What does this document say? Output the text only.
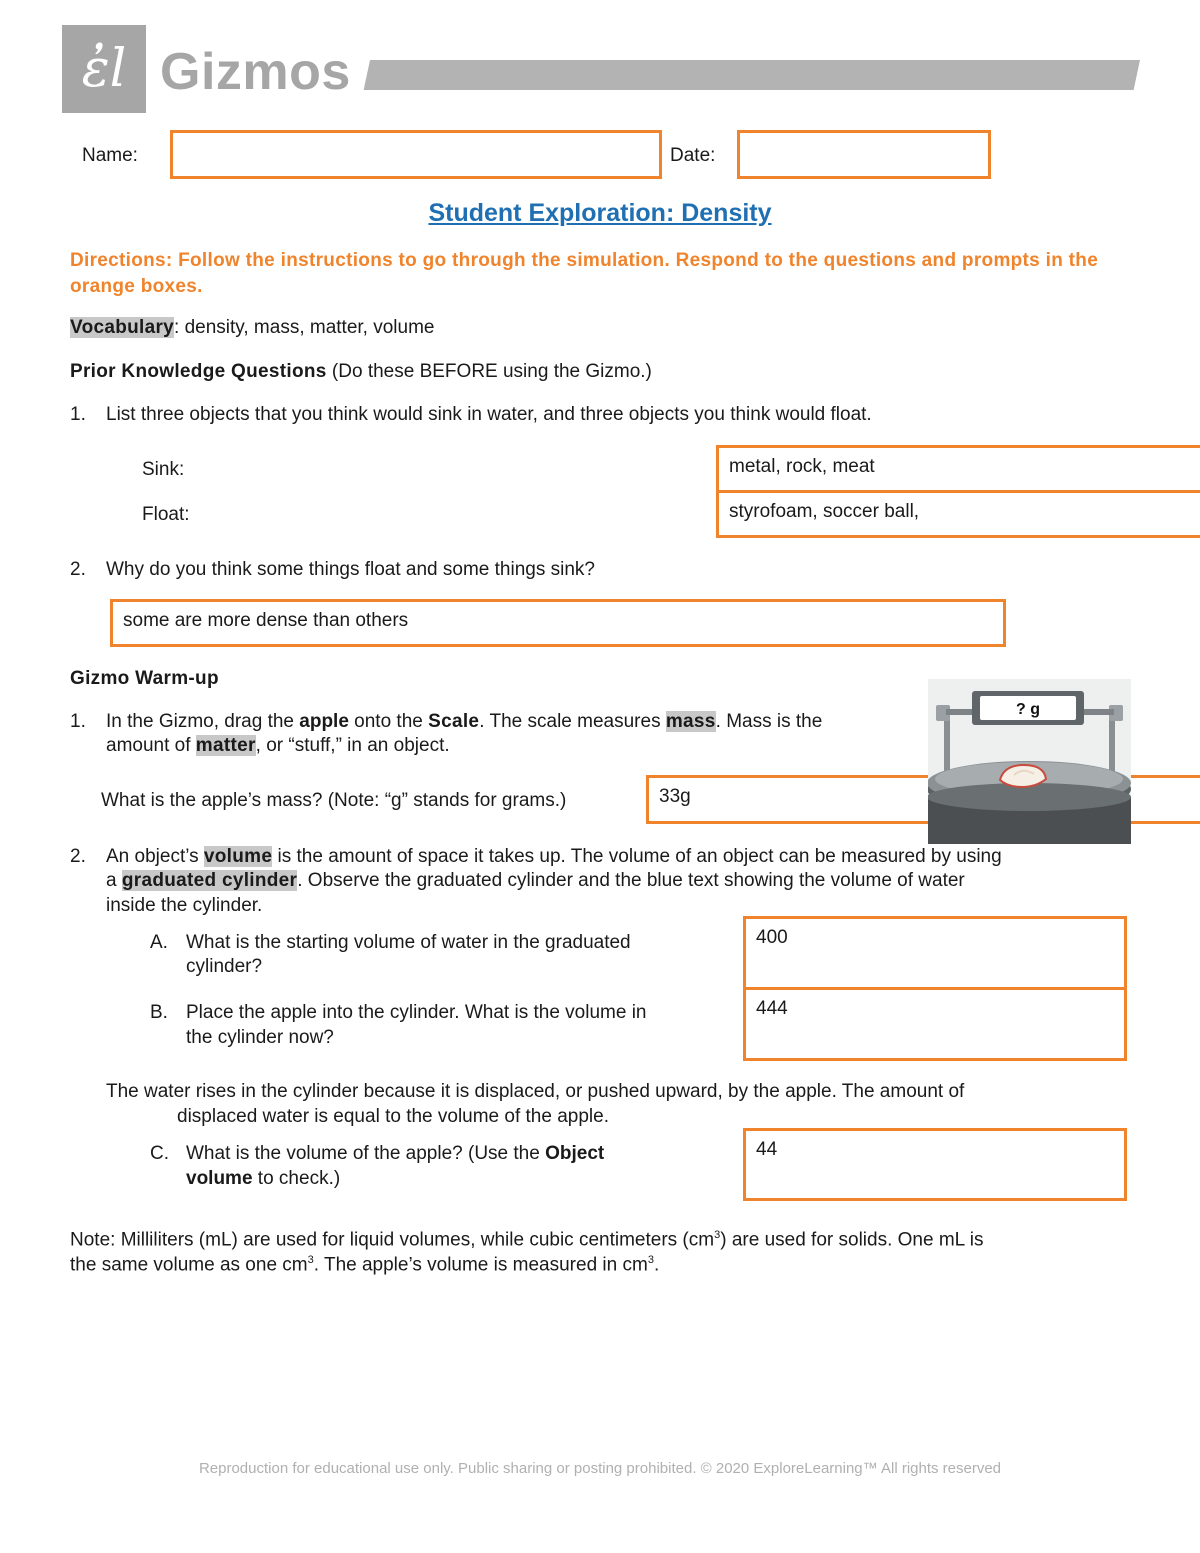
ἐl Gizmos
Name:	Date:
Student Exploration: Density
Directions: Follow the instructions to go through the simulation. Respond to the questions and prompts in the orange boxes.
Vocabulary: density, mass, matter, volume
Prior Knowledge Questions (Do these BEFORE using the Gizmo.)
1. List three objects that you think would sink in water, and three objects you think would float.
Sink:	metal, rock, meat
Float:	styrofoam, soccer ball,
2. Why do you think some things float and some things sink?
some are more dense than others
Gizmo Warm-up
1. In the Gizmo, drag the apple onto the Scale. The scale measures mass. Mass is the
amount of matter, or “stuff,” in an object.
What is the apple’s mass? (Note: “g” stands for grams.)	33g
? g
2. An object’s volume is the amount of space it takes up. The volume of an object can be measured by using
a graduated cylinder. Observe the graduated cylinder and the blue text showing the volume of water
inside the cylinder.
A. What is the starting volume of water in the graduated
cylinder?
400
B. Place the apple into the cylinder. What is the volume in
the cylinder now?
444
The water rises in the cylinder because it is displaced, or pushed upward, by the apple. The amount of
displaced water is equal to the volume of the apple.
C. What is the volume of the apple? (Use the Object
volume to check.)
44
Note: Milliliters (mL) are used for liquid volumes, while cubic centimeters $(cm^3)$ are used for solids. One mL is
the same volume as one $cm^3$. The apple’s volume is measured in $cm^3$.
Reproduction for educational use only. Public sharing or posting prohibited. © 2020 ExploreLearning™ All rights reserved
